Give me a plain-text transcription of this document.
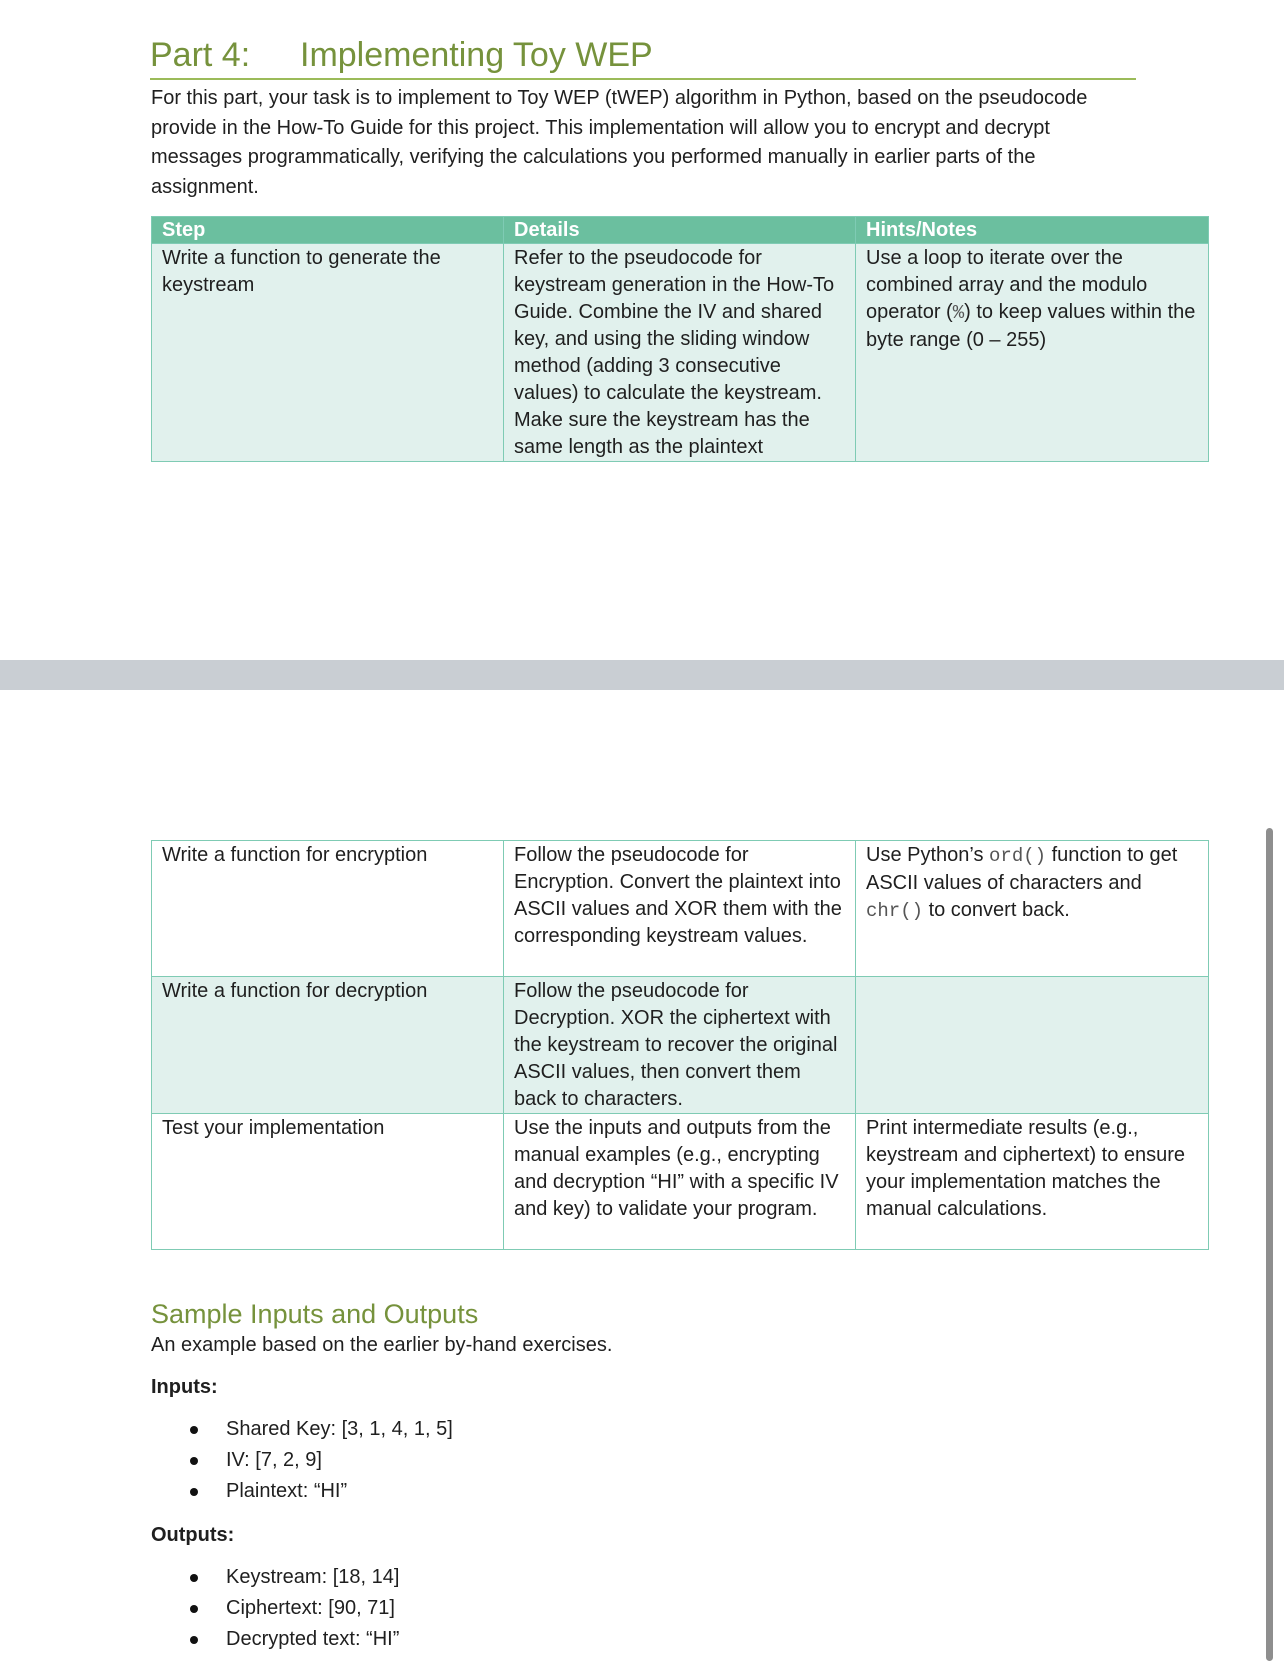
Part 4: Implementing Toy WEP
For this part, your task is to implement to Toy WEP (tWEP) algorithm in Python, based on the pseudocode provide in the How-To Guide for this project. This implementation will allow you to encrypt and decrypt messages programmatically, verifying the calculations you performed manually in earlier parts of the assignment.
Step	Details	Hints/Notes
Write a function to generate the keystream	Refer to the pseudocode for keystream generation in the How-To Guide. Combine the IV and shared key, and using the sliding window method (adding 3 consecutive values) to calculate the keystream. Make sure the keystream has the same length as the plaintext	Use a loop to iterate over the combined array and the modulo operator (%) to keep values within the byte range (0 – 255)
Write a function for encryption	Follow the pseudocode for Encryption. Convert the plaintext into ASCII values and XOR them with the corresponding keystream values.	Use Python’s ord() function to get ASCII values of characters and chr() to convert back.
Write a function for decryption	Follow the pseudocode for Decryption. XOR the ciphertext with the keystream to recover the original ASCII values, then convert them back to characters.	
Test your implementation	Use the inputs and outputs from the manual examples (e.g., encrypting and decryption “HI” with a specific IV and key) to validate your program.	Print intermediate results (e.g., keystream and ciphertext) to ensure your implementation matches the manual calculations.
Sample Inputs and Outputs
An example based on the earlier by-hand exercises.
Inputs:
Shared Key: [3, 1, 4, 1, 5]
IV: [7, 2, 9]
Plaintext: “HI”
Outputs:
Keystream: [18, 14]
Ciphertext: [90, 71]
Decrypted text: “HI”
